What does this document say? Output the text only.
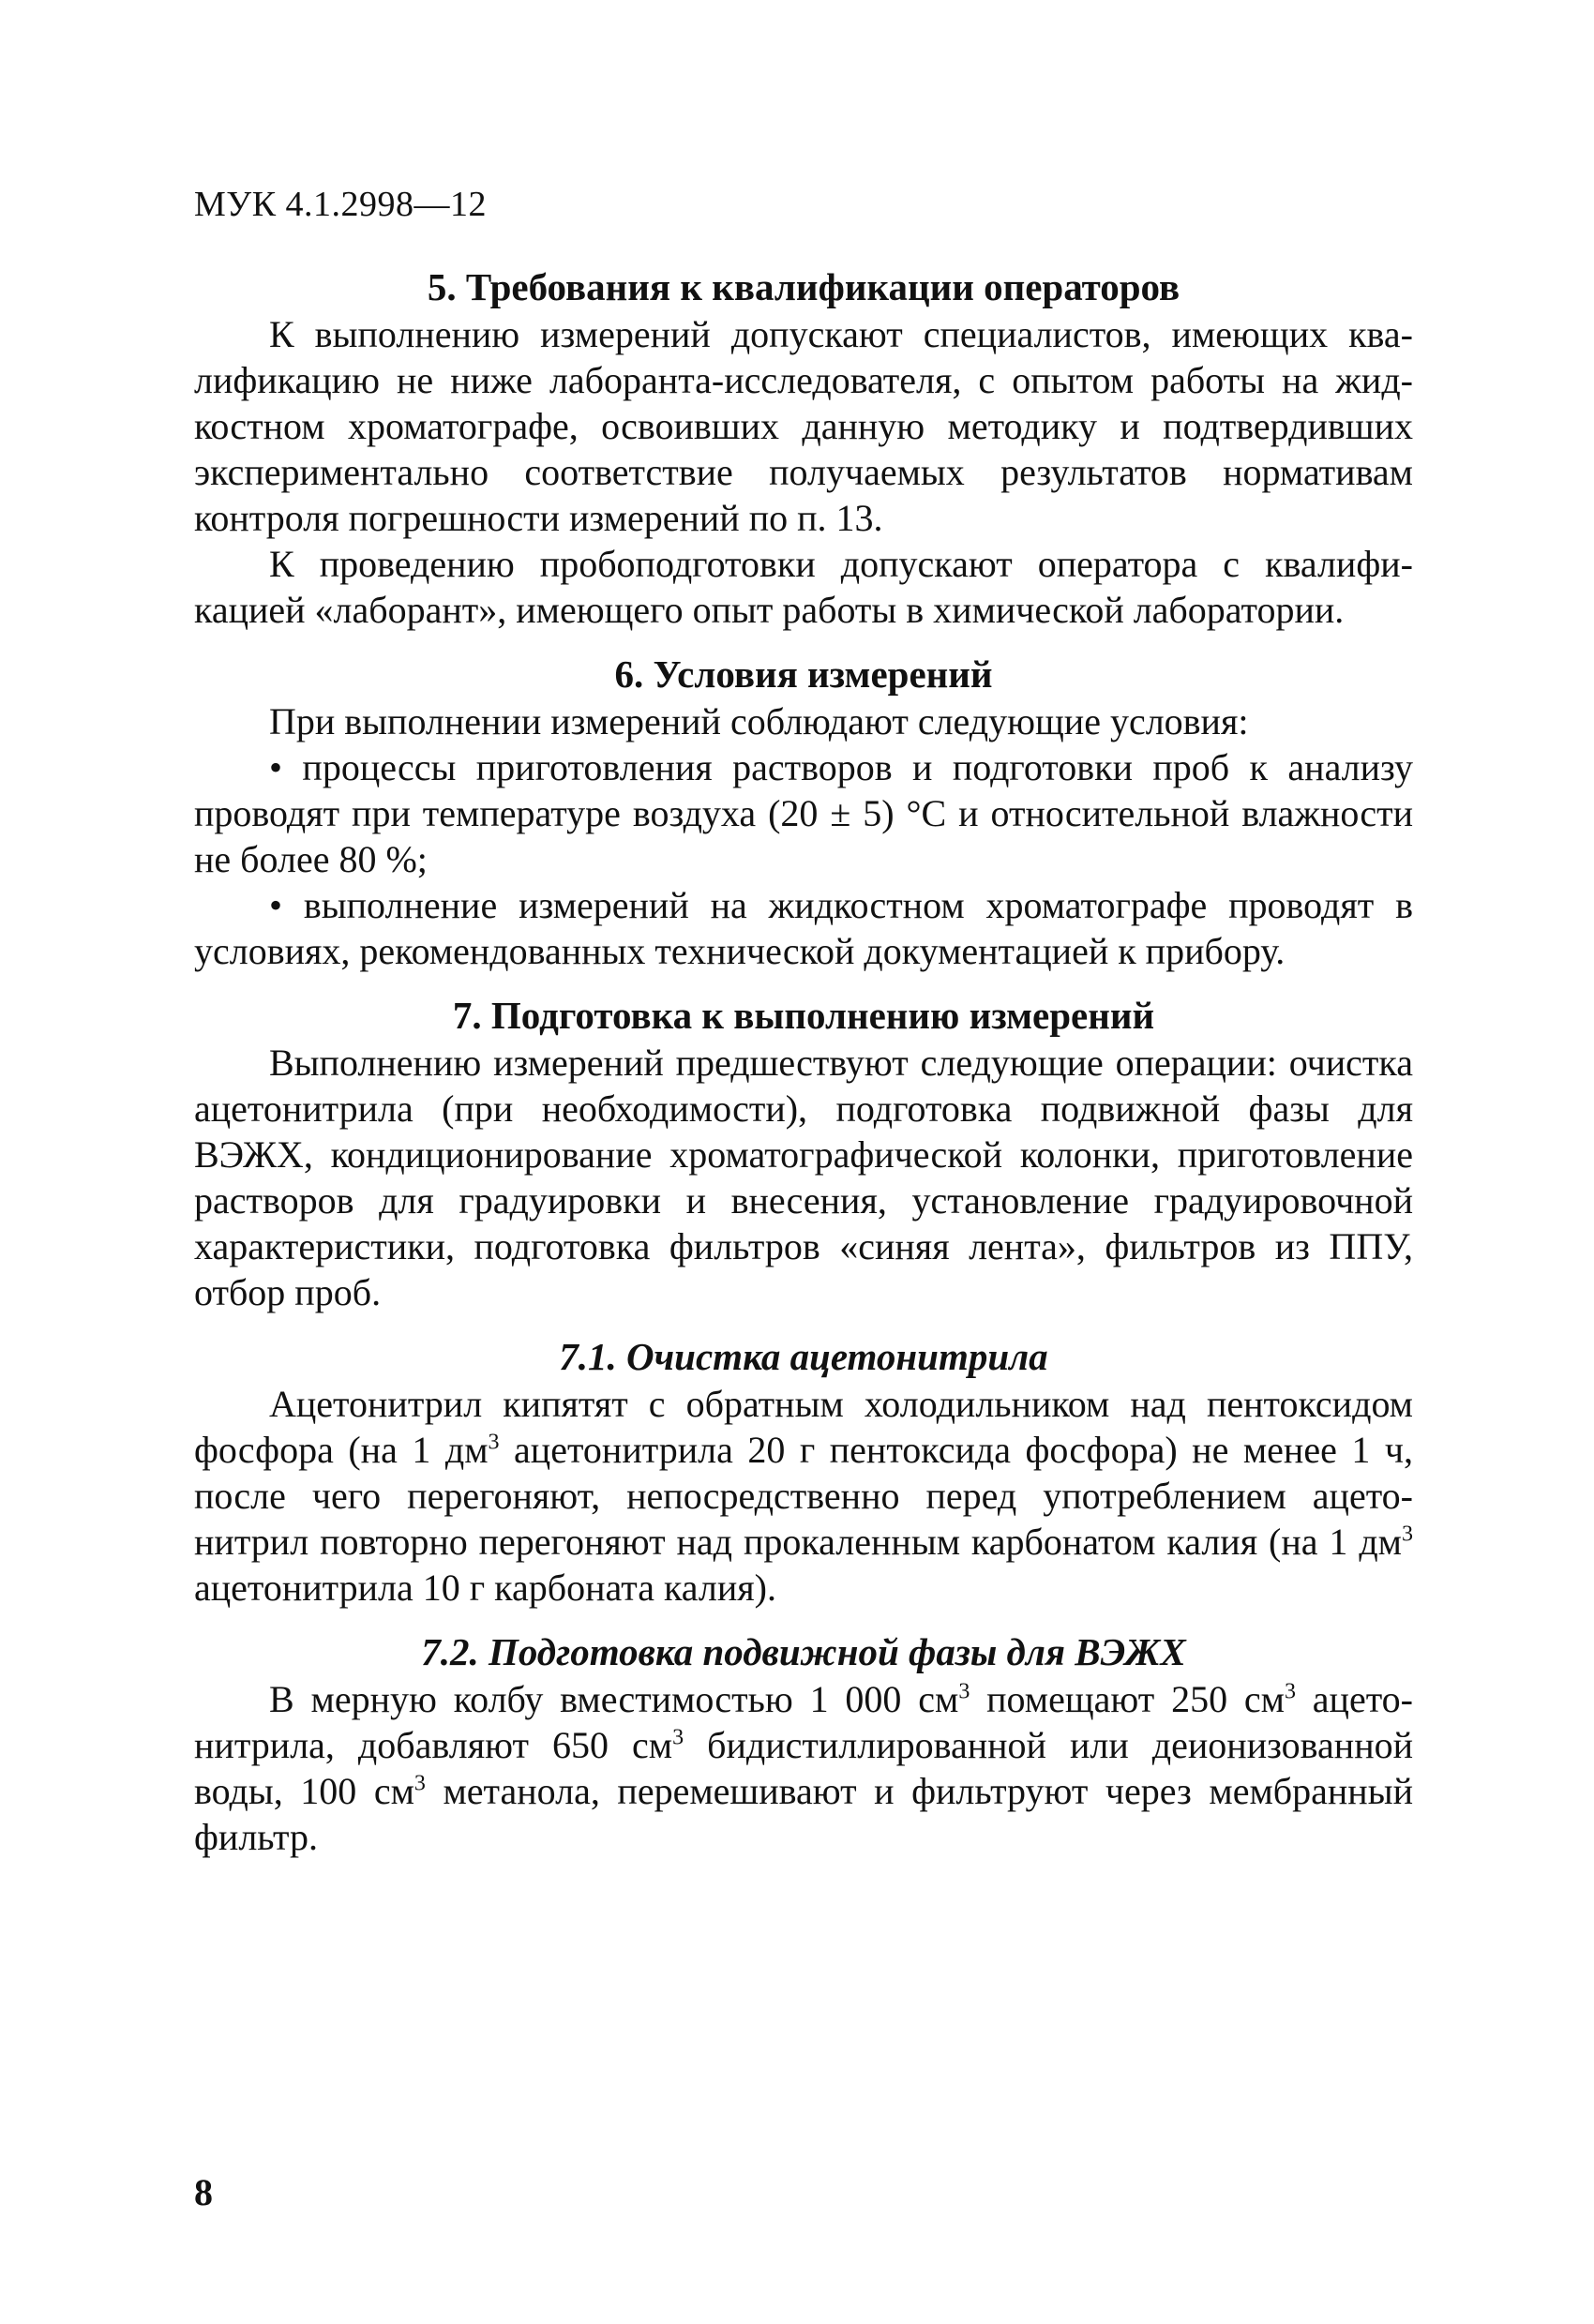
МУК 4.1.2998—12
5. Требования к квалификации операторов

К выполнению измерений допускают специалистов, имеющих квалификацию не ниже лаборанта-исследователя, с опытом работы на жидкостном хроматографе, освоивших данную методику и подтвердивших экспериментально соответствие получаемых результатов нормативам контроля погрешности измерений по п. 13.

К проведению пробоподготовки допускают оператора с квалификацией «лаборант», имеющего опыт работы в химической лаборатории.

6. Условия измерений

При выполнении измерений соблюдают следующие условия:

• процессы приготовления растворов и подготовки проб к анализу проводят при температуре воздуха (20 ± 5) °С и относительной влажности не более 80 %;

• выполнение измерений на жидкостном хроматографе проводят в условиях, рекомендованных технической документацией к прибору.

7. Подготовка к выполнению измерений

Выполнению измерений предшествуют следующие операции: очистка ацетонитрила (при необходимости), подготовка подвижной фазы для ВЭЖХ, кондиционирование хроматографической колонки, приготовление растворов для градуировки и внесения, установление градуировочной характеристики, подготовка фильтров «синяя лента», фильтров из ППУ, отбор проб.

7.1. Очистка ацетонитрила

Ацетонитрил кипятят с обратным холодильником над пентоксидом фосфора (на 1 $дм^3$ ацетонитрила 20 г пентоксида фосфора) не менее 1 ч, после чего перегоняют, непосредственно перед употреблением ацетонитрил повторно перегоняют над прокаленным карбонатом калия (на 1 $дм^3$ ацетонитрила 10 г карбоната калия).

7.2. Подготовка подвижной фазы для ВЭЖХ

В мерную колбу вместимостью 1 000 $см^3$ помещают 250 $см^3$ ацетонитрила, добавляют 650 $см^3$ бидистиллированной или деионизованной воды, 100 $см^3$ метанола, перемешивают и фильтруют через мембранный фильтр.

8
